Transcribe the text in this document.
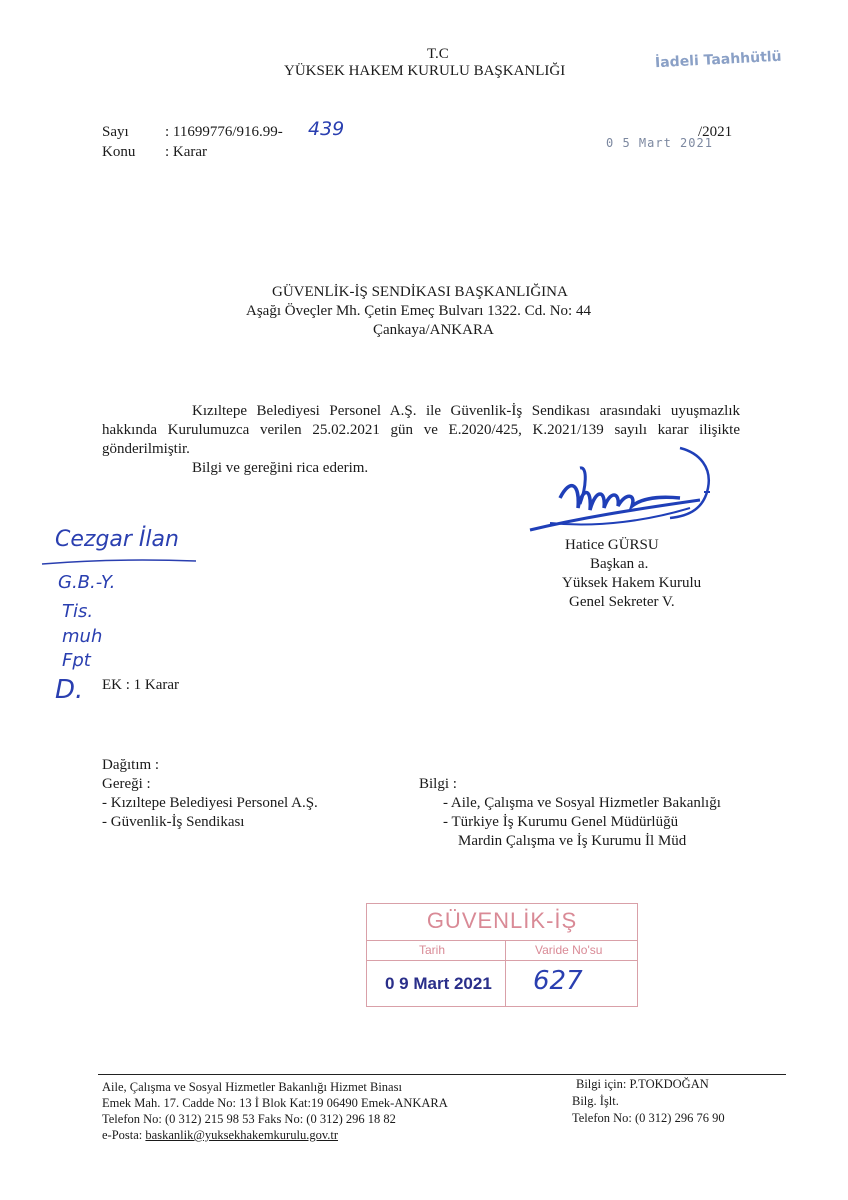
T.C
YÜKSEK HAKEM KURULU BAŞKANLIĞI	İadeli Taahhütlü
Sayı : 11699776/916.99- 439
Konu : Karar
0 5 Mart 2021
/2021
GÜVENLİK-İŞ SENDİKASI BAŞKANLIĞINA
Aşağı Öveçler Mh. Çetin Emeç Bulvarı 1322. Cd. No: 44
Çankaya/ANKARA
Kızıltepe Belediyesi Personel A.Ş. ile Güvenlik-İş Sendikası arasındaki uyuşmazlık
hakkında Kurulumuzca verilen 25.02.2021 gün ve E.2020/425, K.2021/139 sayılı karar ilişikte
gönderilmiştir.
Bilgi ve gereğini rica ederim.
Hatice GÜRSU
Başkan a.
Yüksek Hakem Kurulu
Genel Sekreter V.
Cezgar İlan
G.B.-Y.
Tis.
muh
Fpt
D. EK : 1 Karar
Dağıtım :
Gereği :
- Kızıltepe Belediyesi Personel A.Ş.
- Güvenlik-İş Sendikası
Bilgi :
- Aile, Çalışma ve Sosyal Hizmetler Bakanlığı
- Türkiye İş Kurumu Genel Müdürlüğü
Mardin Çalışma ve İş Kurumu İl Müd
GÜVENLİK-İŞ
Tarih	Varide No'su
0 9 Mart 2021 627
Aile, Çalışma ve Sosyal Hizmetler Bakanlığı Hizmet Binası
Emek Mah. 17. Cadde No: 13 İ Blok Kat:19 06490 Emek-ANKARA
Telefon No: (0 312) 215 98 53 Faks No: (0 312) 296 18 82
e-Posta: baskanlik@yuksekhakemkurulu.gov.tr
Bilgi için: P.TOKDOĞAN
Bilg. İşlt.
Telefon No: (0 312) 296 76 90
